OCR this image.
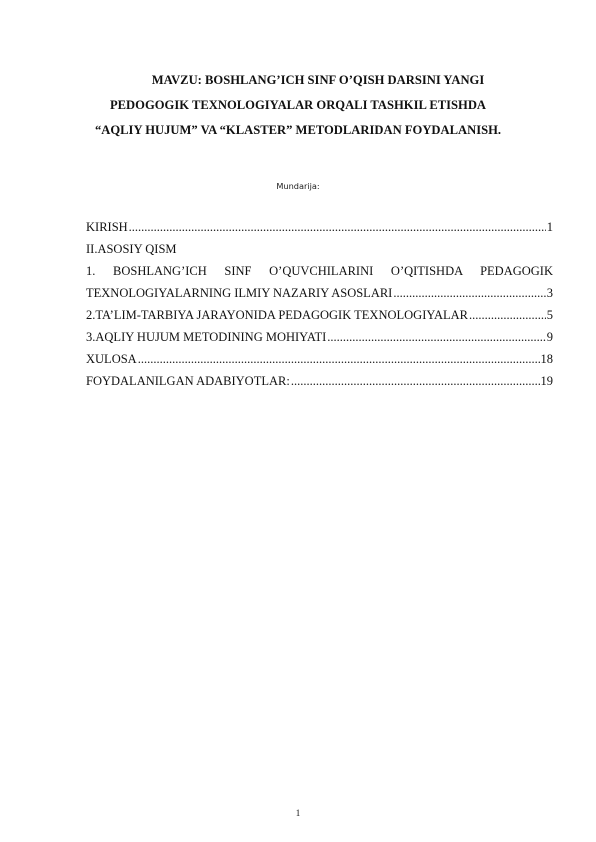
MAVZU: BOSHLANG’ICH SINF O’QISH DARSINI YANGI
PEDOGOGIK TEXNOLOGIYALAR ORQALI TASHKIL ETISHDA
“AQLIY HUJUM” VA “KLASTER” METODLARIDAN FOYDALANISH.
Mundarija:
KIRISH .....	1
II.ASOSIY QISM
1. BOSHLANG’ICH SINF O’QUVCHILARINI O’QITISHDA PEDAGOGIK
TEXNOLOGIYALARNING ILMIY NAZARIY ASOSLARI .....	3
2.TA’LIM-TARBIYA JARAYONIDA PEDAGOGIK TEXNOLOGIYALAR .....	5
3.AQLIY HUJUM METODINING MOHIYATI .....	9
XULOSA .....	18
FOYDALANILGAN ADABIYOTLAR: .....	19
1
